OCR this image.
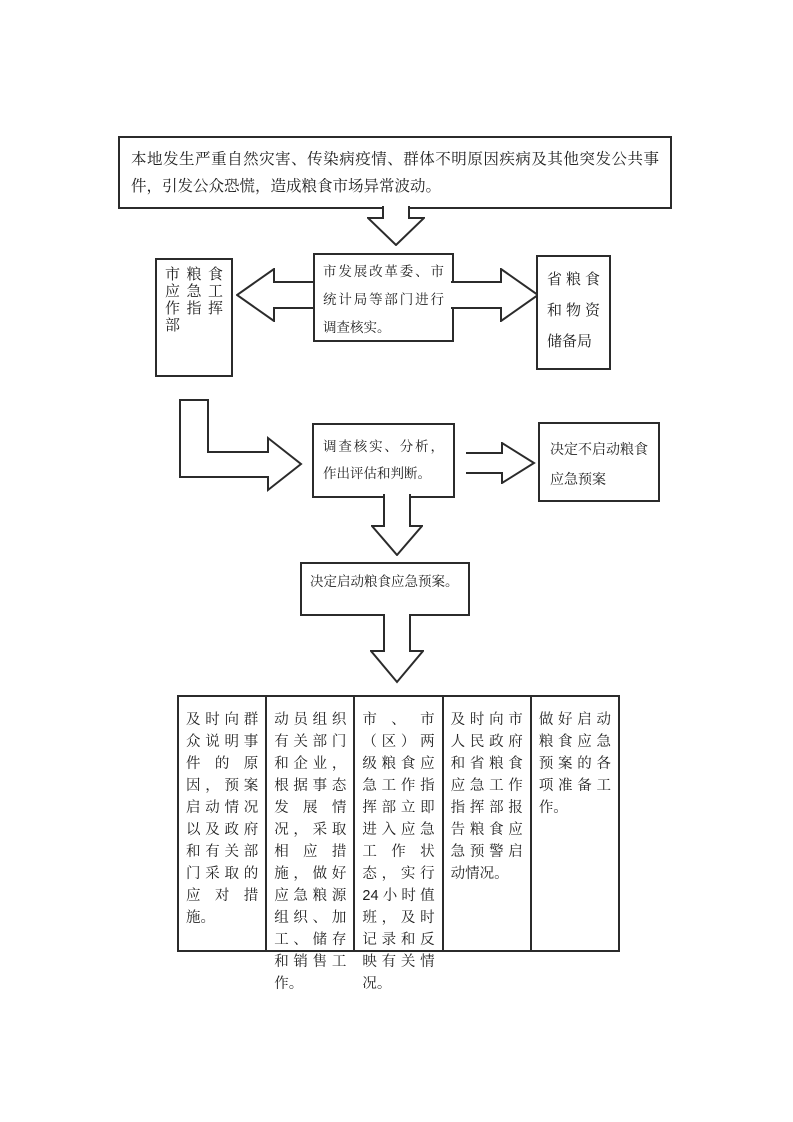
本地发生严重自然灾害、传染病疫情、群体不明原因疾病及其他突发公共事件，引发公众恐慌，造成粮食市场异常波动。
市粮食应急工作指挥部
市发展改革委、市统计局等部门进行调查核实。
省粮食和物资储备局
调查核实、分析，作出评估和判断。
决定不启动粮食应急预案
决定启动粮食应急预案。
及时向群众说明事件的原因，预案启动情况以及政府和有关部门采取的应对措施。
动员组织有关部门和企业，根据事态发展情况，采取相应措施，做好应急粮源组织、加工、储存和销售工作。
市、市（区）两级粮食应急工作指挥部立即进入应急工作状态，实行24小时值班，及时记录和反映有关情况。
及时向市人民政府和省粮食应急工作指挥部报告粮食应急预警启动情况。
做好启动粮食应急预案的各项准备工作。
